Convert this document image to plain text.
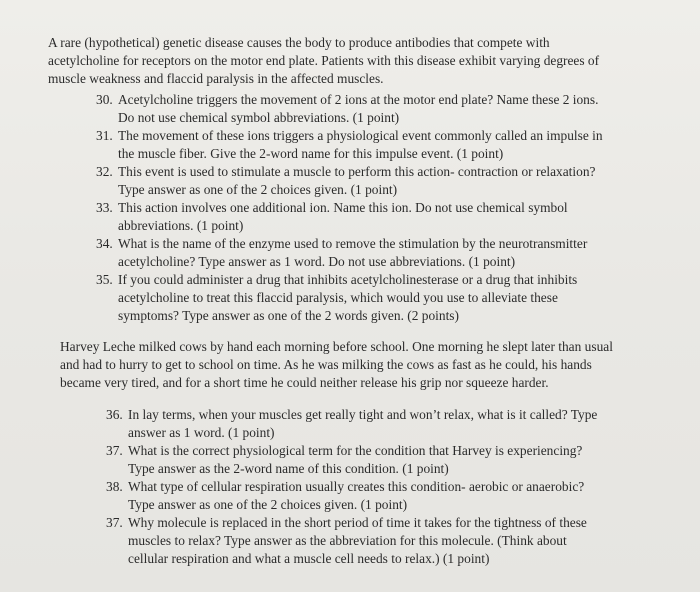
A rare (hypothetical) genetic disease causes the body to produce antibodies that compete with acetylcholine for receptors on the motor end plate. Patients with this disease exhibit varying degrees of muscle weakness and flaccid paralysis in the affected muscles.

30. Acetylcholine triggers the movement of 2 ions at the motor end plate? Name these 2 ions. Do not use chemical symbol abbreviations. (1 point)
31. The movement of these ions triggers a physiological event commonly called an impulse in the muscle fiber. Give the 2-word name for this impulse event. (1 point)
32. This event is used to stimulate a muscle to perform this action- contraction or relaxation? Type answer as one of the 2 choices given. (1 point)
33. This action involves one additional ion. Name this ion. Do not use chemical symbol abbreviations. (1 point)
34. What is the name of the enzyme used to remove the stimulation by the neurotransmitter acetylcholine? Type answer as 1 word. Do not use abbreviations. (1 point)
35. If you could administer a drug that inhibits acetylcholinesterase or a drug that inhibits acetylcholine to treat this flaccid paralysis, which would you use to alleviate these symptoms? Type answer as one of the 2 words given. (2 points)

Harvey Leche milked cows by hand each morning before school. One morning he slept later than usual and had to hurry to get to school on time. As he was milking the cows as fast as he could, his hands became very tired, and for a short time he could neither release his grip nor squeeze harder.

36. In lay terms, when your muscles get really tight and won’t relax, what is it called? Type answer as 1 word. (1 point)
37. What is the correct physiological term for the condition that Harvey is experiencing? Type answer as the 2-word name of this condition. (1 point)
38. What type of cellular respiration usually creates this condition- aerobic or anaerobic? Type answer as one of the 2 choices given. (1 point)
37. Why molecule is replaced in the short period of time it takes for the tightness of these muscles to relax? Type answer as the abbreviation for this molecule. (Think about cellular respiration and what a muscle cell needs to relax.) (1 point)
